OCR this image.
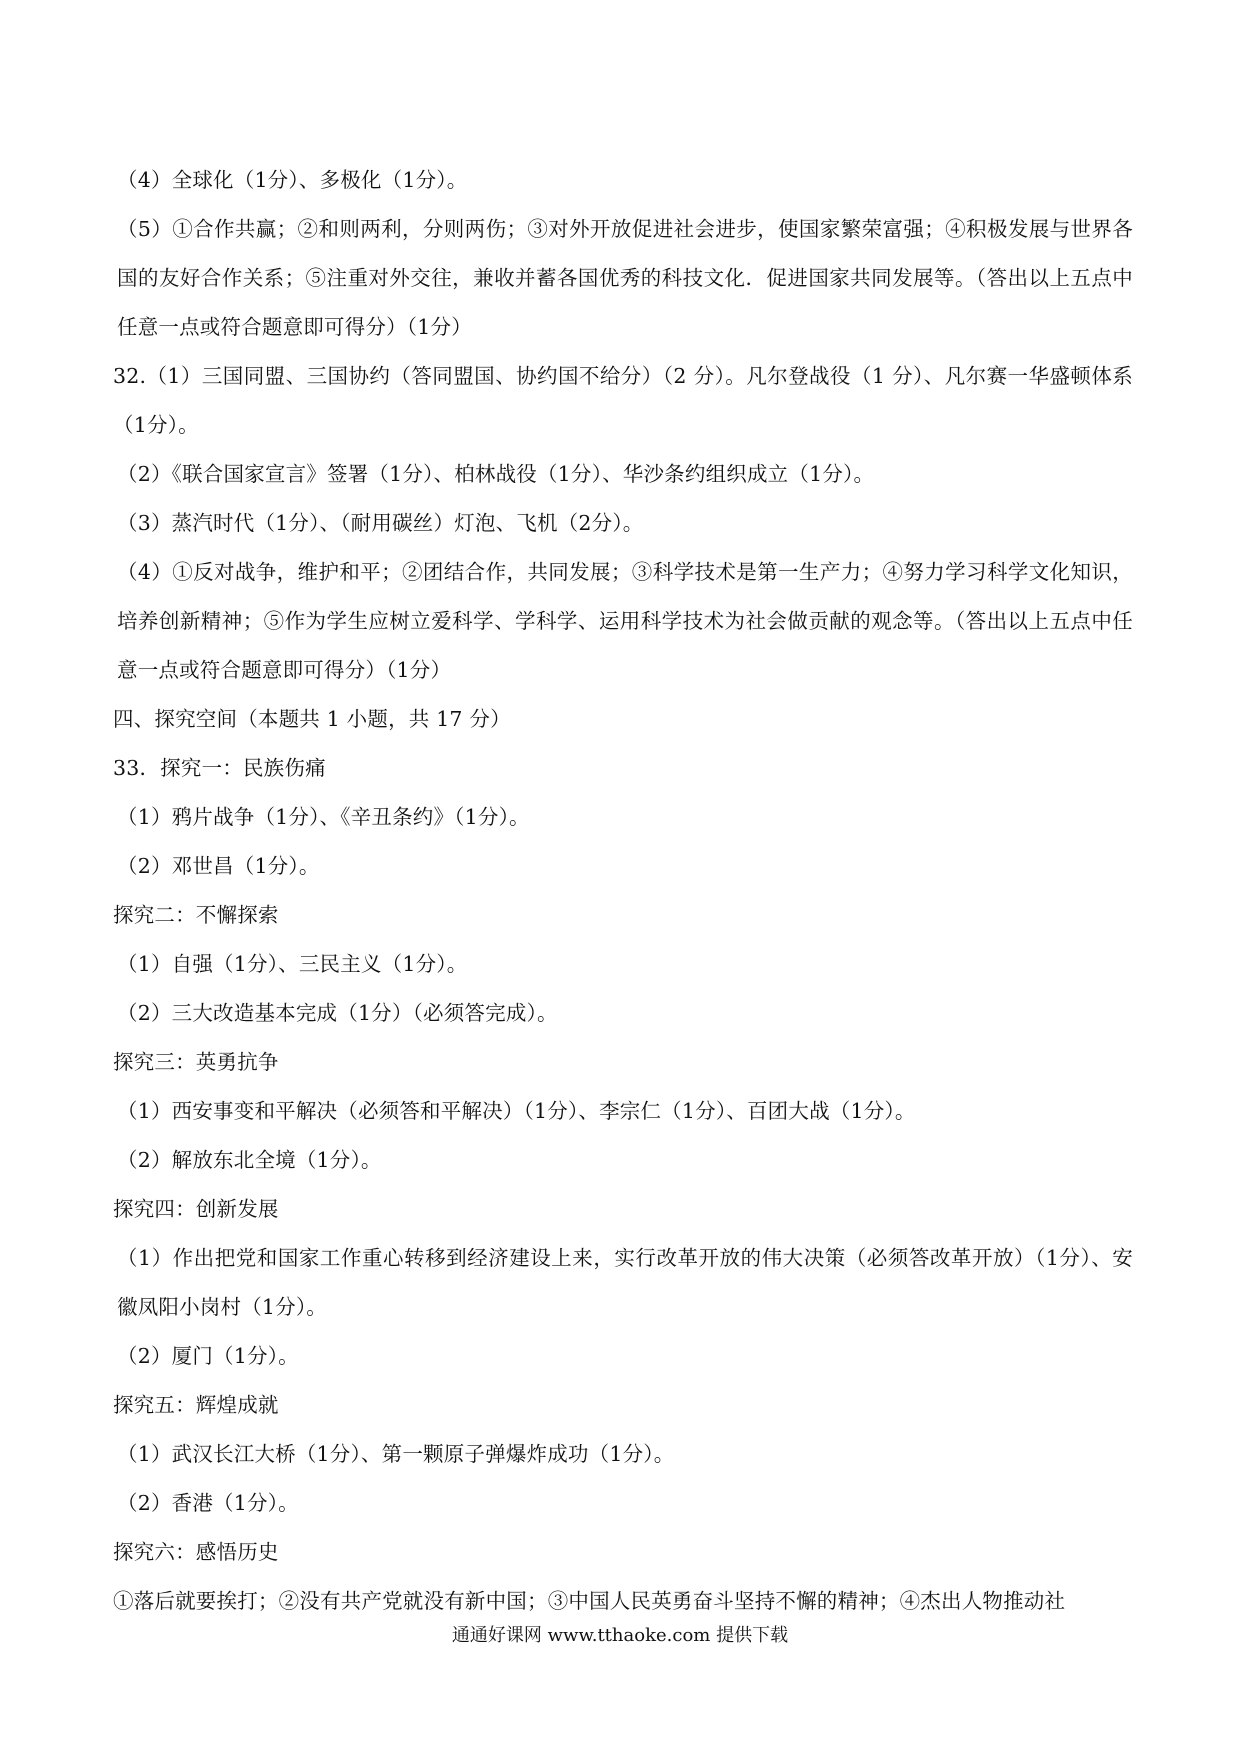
（4）全球化（1分）、多极化（1分）。
（5）①合作共赢；②和则两利，分则两伤；③对外开放促进社会进步，使国家繁荣富强；④积极发展与世界各国的友好合作关系；⑤注重对外交往，兼收并蓄各国优秀的科技文化．促进国家共同发展等。（答出以上五点中任意一点或符合题意即可得分）（1分）
32.（1）三国同盟、三国协约（答同盟国、协约国不给分）（2 分）。凡尔登战役（1 分）、凡尔赛一华盛顿体系（1分）。
（2）《联合国家宣言》签署（1分）、柏林战役（1分）、华沙条约组织成立（1分）。
（3）蒸汽时代（1分）、（耐用碳丝）灯泡、飞机（2分）。
（4）①反对战争，维护和平；②团结合作，共同发展；③科学技术是第一生产力；④努力学习科学文化知识，培养创新精神；⑤作为学生应树立爱科学、学科学、运用科学技术为社会做贡献的观念等。（答出以上五点中任意一点或符合题意即可得分）（1分）
四、探究空间（本题共 1 小题，共 17 分）
33．探究一：民族伤痛
（1）鸦片战争（1分）、《辛丑条约》（1分）。
（2）邓世昌（1分）。
探究二：不懈探索
（1）自强（1分）、三民主义（1分）。
（2）三大改造基本完成（1分）（必须答完成）。
探究三：英勇抗争
（1）西安事变和平解决（必须答和平解决）（1分）、李宗仁（1分）、百团大战（1分）。
（2）解放东北全境（1分）。
探究四：创新发展
（1）作出把党和国家工作重心转移到经济建设上来，实行改革开放的伟大决策（必须答改革开放）（1分）、安徽凤阳小岗村（1分）。
（2）厦门（1分）。
探究五：辉煌成就
（1）武汉长江大桥（1分）、第一颗原子弹爆炸成功（1分）。
（2）香港（1分）。
探究六：感悟历史
①落后就要挨打；②没有共产党就没有新中国；③中国人民英勇奋斗坚持不懈的精神；④杰出人物推动社
通通好课网 www.tthaoke.com 提供下载
